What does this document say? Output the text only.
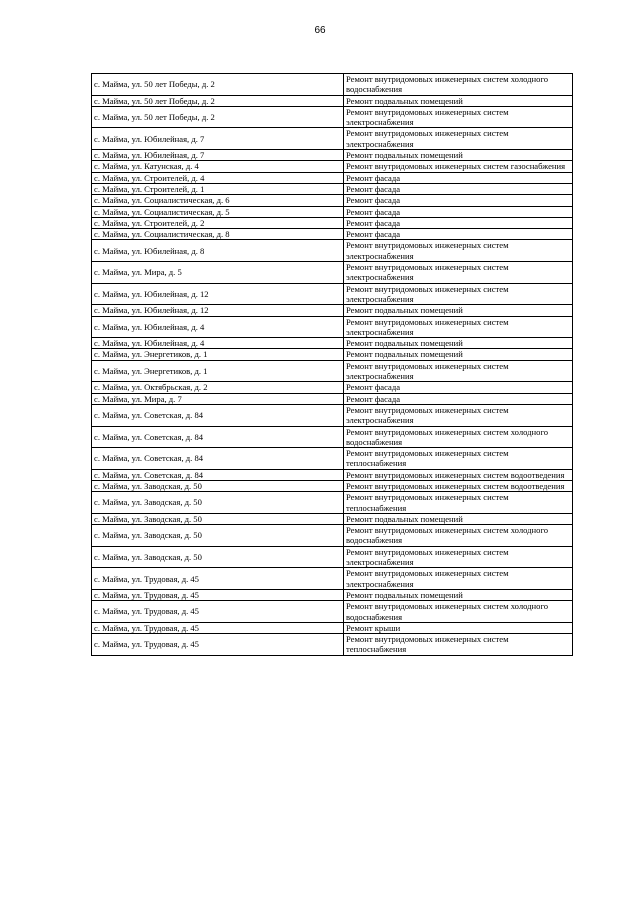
66
с. Майма, ул. 50 лет Победы, д. 2	Ремонт внутридомовых инженерных систем холодного водоснабжения
с. Майма, ул. 50 лет Победы, д. 2	Ремонт подвальных помещений
с. Майма, ул. 50 лет Победы, д. 2	Ремонт внутридомовых инженерных систем электроснабжения
с. Майма, ул. Юбилейная, д. 7	Ремонт внутридомовых инженерных систем электроснабжения
с. Майма, ул. Юбилейная, д. 7	Ремонт подвальных помещений
с. Майма, ул. Катунская, д. 4	Ремонт внутридомовых инженерных систем газоснабжения
с. Майма, ул. Строителей, д. 4	Ремонт фасада
с. Майма, ул. Строителей, д. 1	Ремонт фасада
с. Майма, ул. Социалистическая, д. 6	Ремонт фасада
с. Майма, ул. Социалистическая, д. 5	Ремонт фасада
с. Майма, ул. Строителей, д. 2	Ремонт фасада
с. Майма, ул. Социалистическая, д. 8	Ремонт фасада
с. Майма, ул. Юбилейная, д. 8	Ремонт внутридомовых инженерных систем электроснабжения
с. Майма, ул. Мира, д. 5	Ремонт внутридомовых инженерных систем электроснабжения
с. Майма, ул. Юбилейная, д. 12	Ремонт внутридомовых инженерных систем электроснабжения
с. Майма, ул. Юбилейная, д. 12	Ремонт подвальных помещений
с. Майма, ул. Юбилейная, д. 4	Ремонт внутридомовых инженерных систем электроснабжения
с. Майма, ул. Юбилейная, д. 4	Ремонт подвальных помещений
с. Майма, ул. Энергетиков, д. 1	Ремонт подвальных помещений
с. Майма, ул. Энергетиков, д. 1	Ремонт внутридомовых инженерных систем электроснабжения
с. Майма, ул. Октябрьская, д. 2	Ремонт фасада
с. Майма, ул. Мира, д. 7	Ремонт фасада
с. Майма, ул. Советская, д. 84	Ремонт внутридомовых инженерных систем электроснабжения
с. Майма, ул. Советская, д. 84	Ремонт внутридомовых инженерных систем холодного водоснабжения
с. Майма, ул. Советская, д. 84	Ремонт внутридомовых инженерных систем теплоснабжения
с. Майма, ул. Советская, д. 84	Ремонт внутридомовых инженерных систем водоотведения
с. Майма, ул. Заводская, д. 50	Ремонт внутридомовых инженерных систем водоотведения
с. Майма, ул. Заводская, д. 50	Ремонт внутридомовых инженерных систем теплоснабжения
с. Майма, ул. Заводская, д. 50	Ремонт подвальных помещений
с. Майма, ул. Заводская, д. 50	Ремонт внутридомовых инженерных систем холодного водоснабжения
с. Майма, ул. Заводская, д. 50	Ремонт внутридомовых инженерных систем электроснабжения
с. Майма, ул. Трудовая, д. 45	Ремонт внутридомовых инженерных систем электроснабжения
с. Майма, ул. Трудовая, д. 45	Ремонт подвальных помещений
с. Майма, ул. Трудовая, д. 45	Ремонт внутридомовых инженерных систем холодного водоснабжения
с. Майма, ул. Трудовая, д. 45	Ремонт крыши
с. Майма, ул. Трудовая, д. 45	Ремонт внутридомовых инженерных систем теплоснабжения
